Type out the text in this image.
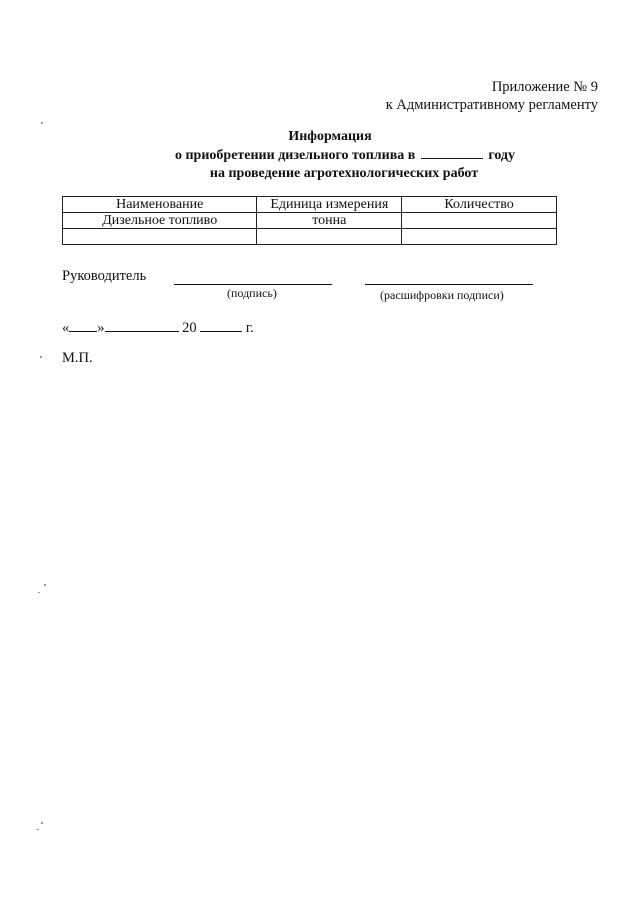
Приложение № 9
к Административному регламенту
Информация
о приобретении дизельного топлива в	году
на проведение агротехнологических работ
Наименование	Единица измерения	Количество
Дизельное топливо	тонна	

Руководитель
(подпись)	(расшифровки подписи)
« »	20	г.
М.П.
